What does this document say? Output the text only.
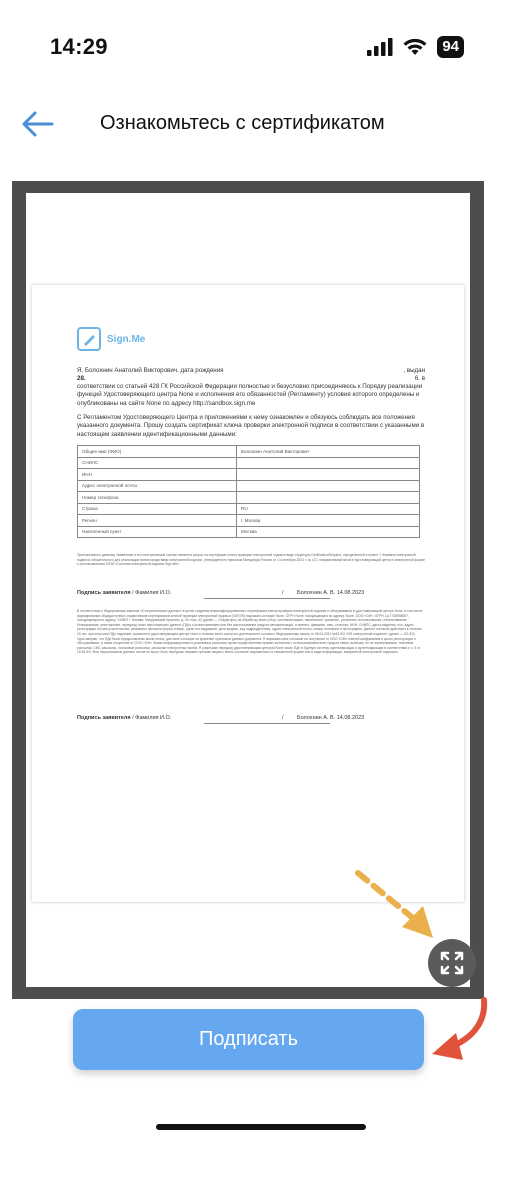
14:29	94
Ознакомьтесь с сертификатом
Sign.Me
Я, Болохнин Анатолий Викторович, дата рождения	, выдан
28.	6. в
соответствии со статьей 428 ГК Российской Федерации полностью и безусловно присоединяюсь к Порядку реализации функций Удостоверяющего центра None и исполнения его обязанностей (Регламенту) условия которого определены и опубликованы на сайте None по адресу http://sandbox.sign.me
С Регламентом Удостоверяющего Центра и приложениями к нему ознакомлен и обязуюсь соблюдать все положения указанного документа. Прошу создать сертификат ключа проверки электронной подписи в соответствии с указанными в настоящем заявлении идентификационными данными:
Общее имя (ФИО)	Болохнин Анатолий Викторович
СНИЛС	
ИНН	
Адрес электронной почты	
Номер телефона	
Страна	RU
Регион	г. Москва
Населенный пункт	Москва
Приложением к данному Заявлению и его неотъемлемой частью является запрос на сертификат ключа проверки электронной подписи виде структуры CertificationRequest, определенной в пункте 7 Формата электронной подписи, обязательного для реализации всеми средствами электронной подписи, утвержденного приказом Минцифры России от 14 сентября 2023 г. № 472, направляемый мной в Удостоверяющий центр в электронной форме с использованием СКЗИ «Система электронной подписи Sign.Me».
Подпись заявителя / Фамилия И.О.	/ Болохнин А. В. 14.08.2023
В соответствии с Федеральным законом «О персональных данных» в целях создания неквалифицированного сертификата ключа проверки электронной подписи и обслуживания в удостоверяющем центре None, в том числе формирования общедоступных справочников сертификатов ключей проверки электронной подписи (СКПЭП) выражаю согласие None, ОГРН None, находящемуся по адресу: None, ООО «СМ», ОГРН 1117746998597, находящемуся по адресу: 119607 г. Москва, Мичуринский проспект, д. 45, пом. 42 (далее — Операторы) на обработку моих (сбор, систематизацию, накопление, хранение, уточнение, использование, обезличивание, блокирование, уничтожение, передачу) моих персональных данных (ПДн) с использованием или без использования средств автоматизации, а именно: фамилия, имя, отчество, ИНН, СНИЛС, дата рождения, пол, адрес регистрации по месту жительства, реквизиты паспорта (серия, номер, орган его выдавший, дата выдачи, код подразделения), адрес электронной почты, номер телефона и фотография. Данное согласие действует в течение 15 лет, при этом мои ПДн подлежат хранению в удостоверяющем центре None в течение всего срока его деятельности согласно Федеральному закону от 06.04.2011 №63-ФЗ «Об электронной подписи» (далее — 63-ФЗ). Удостоверяю, что ПДн были предоставлены мною лично, дан свое согласие на хранение оригинала данного документа. Я выражаю свое согласие на получение от ООО «СМ» ключей шифрования в целях регистрации и обслуживания, а также получение от ООО «СМ» Линии информационных и рекламных рассылок путем осуществления прямых контактов с использованием всех средств связи, включая, но не ограничиваясь: почтовые рассылки, СМС рассылки, голосовые рассылки, рассылки электронных писем. Я разрешаю передачу удостоверяющим центром None своих ПДн в Единую систему идентификации и аутентификации в соответствии с ч. 5 ст. 18 63-ФЗ. Мои персональные данные так же не могут быть переданы никаким третьим лицам с моего согласия, выраженного в письменной форме или в виде информации, заверенной электронной подписью.
Подпись заявителя / Фамилия И.О.	/ Болохнин А. В. 14.08.2023
Подписать
